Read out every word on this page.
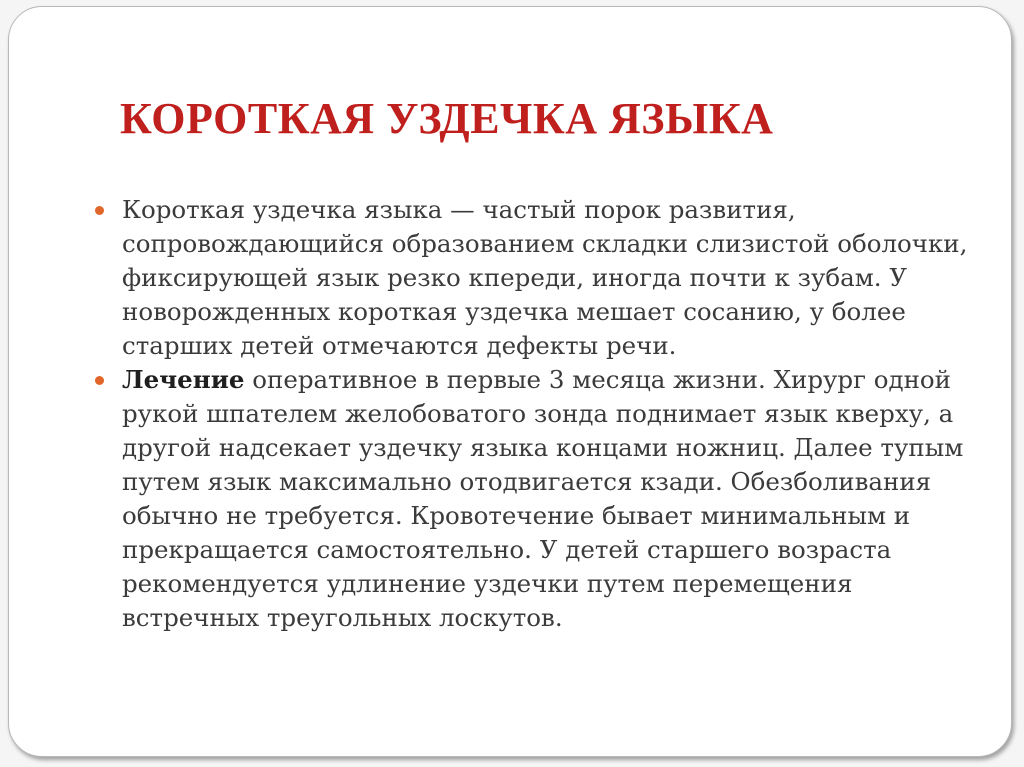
КОРОТКАЯ УЗДЕЧКА ЯЗЫКА
Короткая уздечка языка — частый порок развития, сопровождающийся образованием складки слизистой оболочки, фиксирующей язык резко кпереди, иногда почти к зубам. У новорожденных короткая уздечка мешает сосанию, у более старших детей отмечаются дефекты речи.
Лечение оперативное в первые 3 месяца жизни. Хирург одной рукой шпателем желобоватого зонда поднимает язык кверху, а другой надсекает уздечку языка концами ножниц. Далее тупым путем язык максимально отодвигается кзади. Обезболивания обычно не требуется. Кровотечение бывает минимальным и прекращается самостоятельно. У детей старшего возраста рекомендуется удлинение уздечки путем перемещения встречных треугольных лоскутов.
